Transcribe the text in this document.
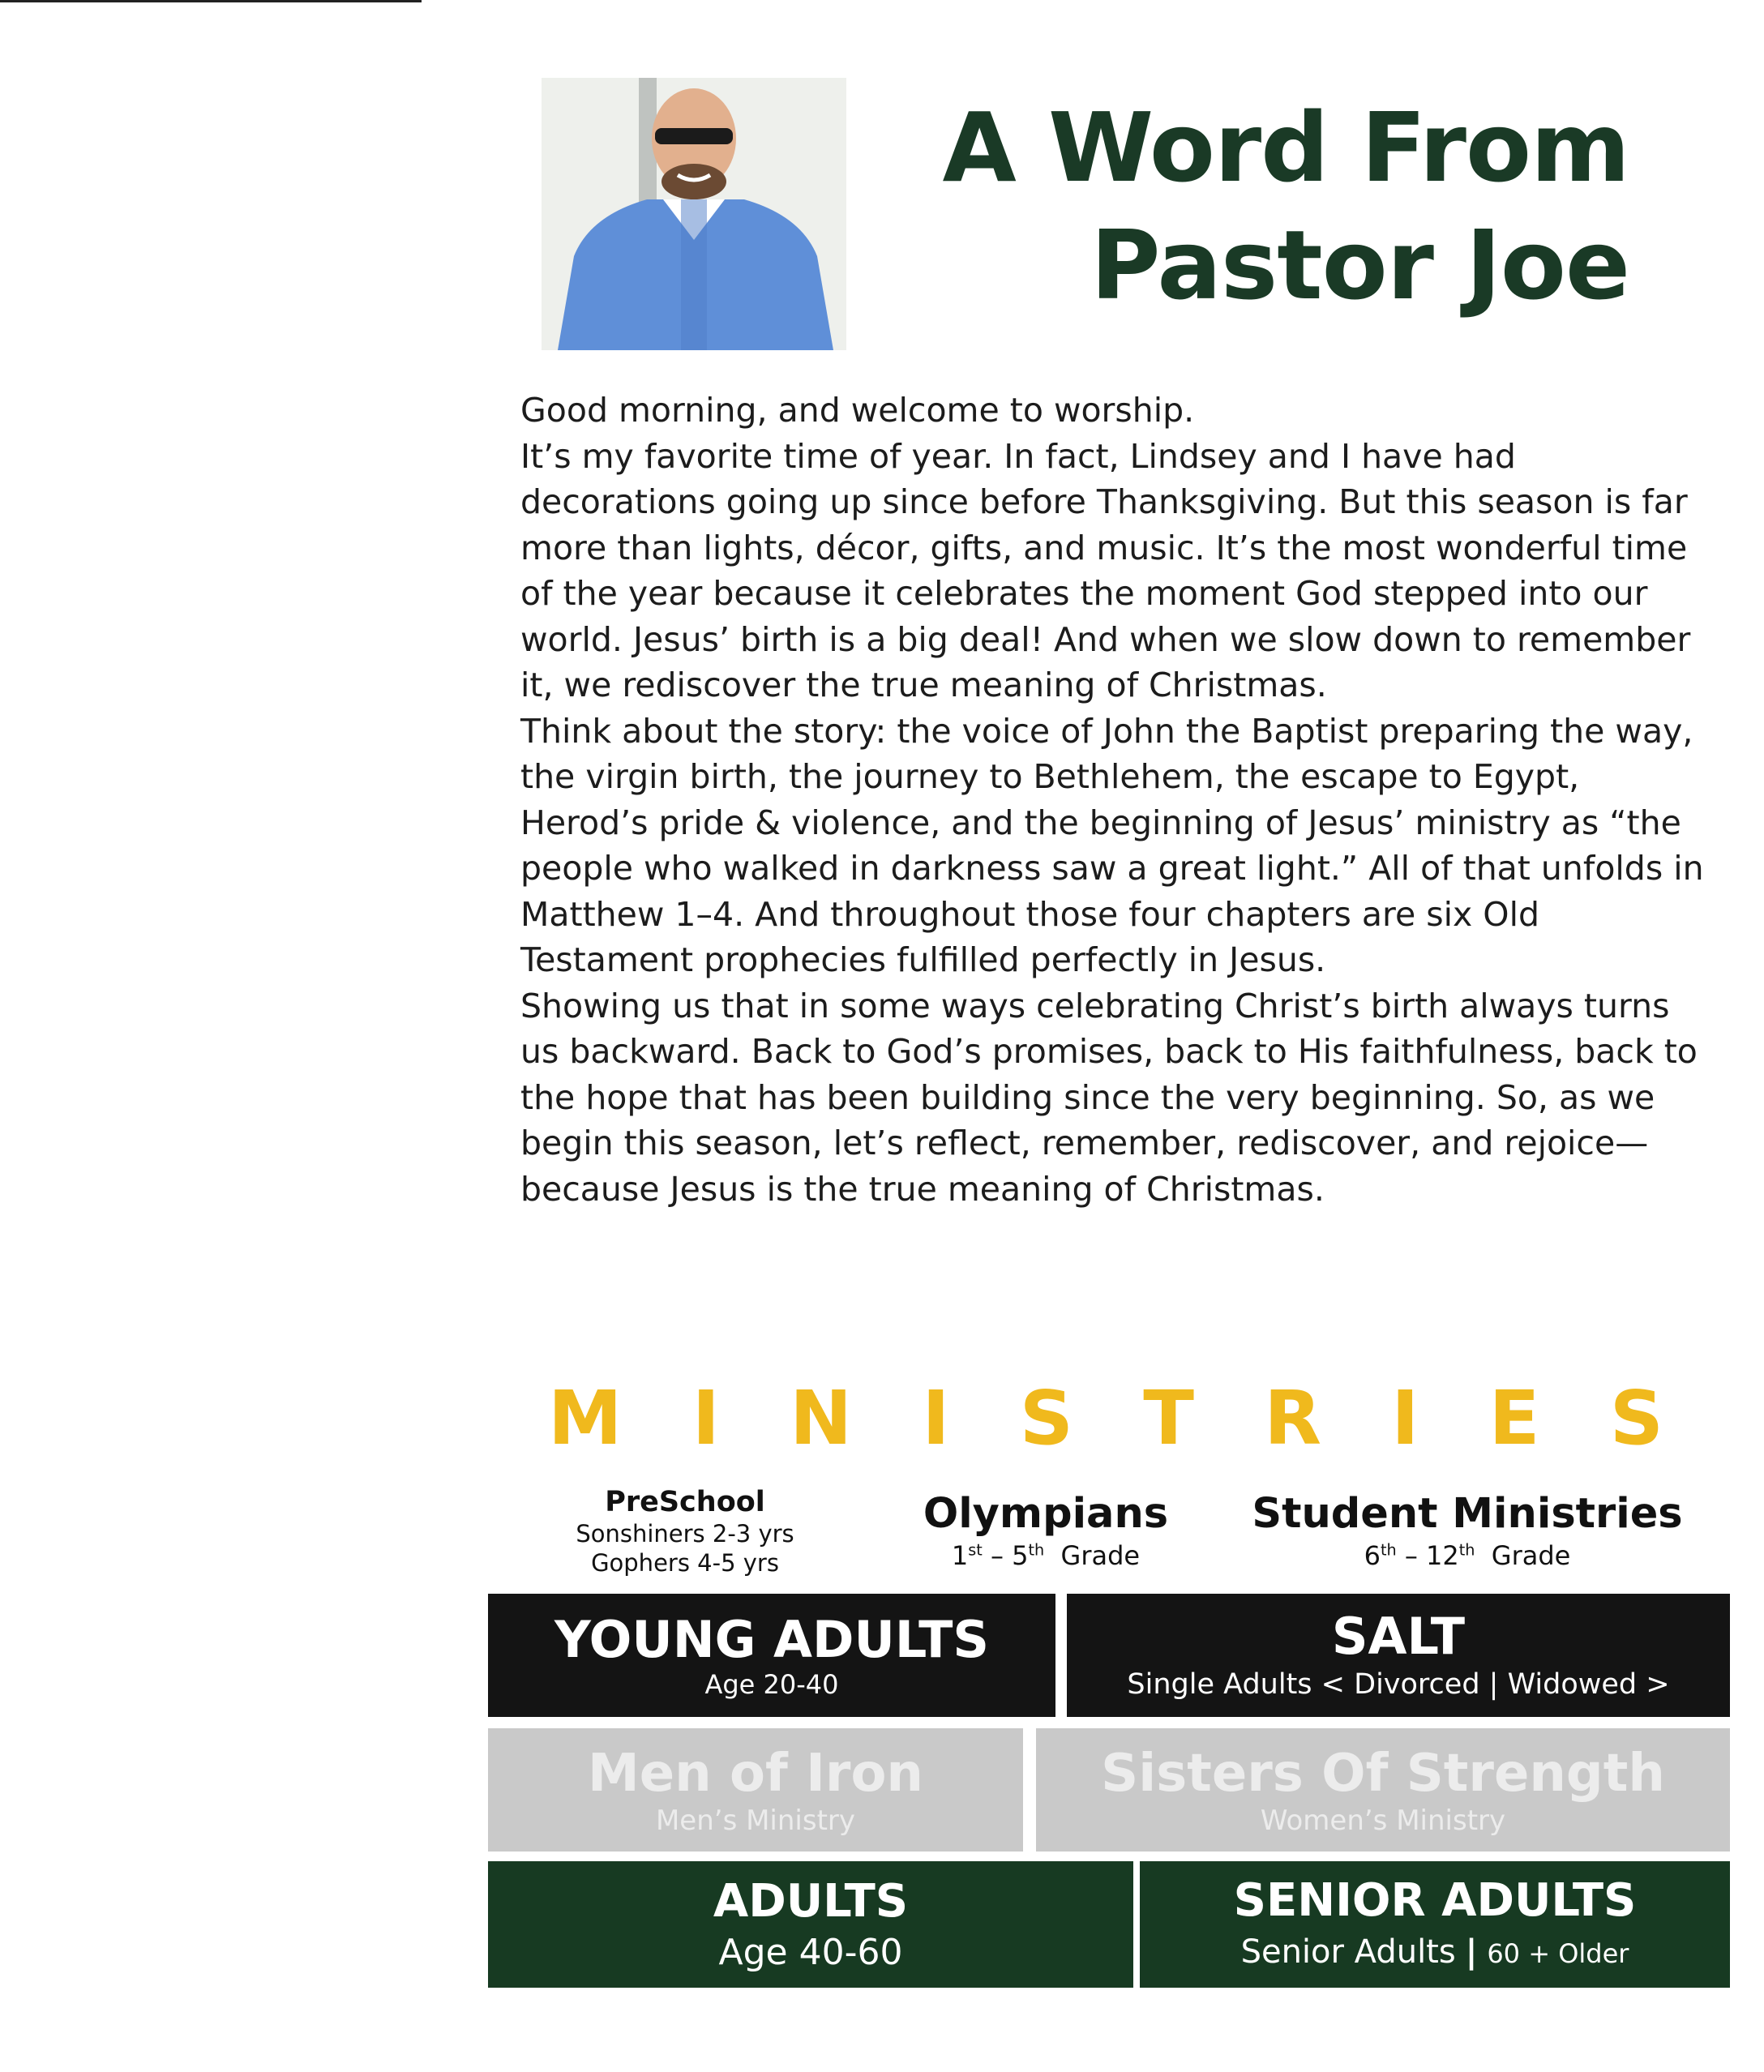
A Word From
Pastor Joe

Good morning, and welcome to worship.

It’s my favorite time of year. In fact, Lindsey and I have had decorations going up since before Thanksgiving. But this season is far more than lights, décor, gifts, and music. It’s the most wonderful time of the year because it celebrates the moment God stepped into our world. Jesus’ birth is a big deal! And when we slow down to remember it, we rediscover the true meaning of Christmas.

Think about the story: the voice of John the Baptist preparing the way, the virgin birth, the journey to Bethlehem, the escape to Egypt, Herod’s pride & violence, and the beginning of Jesus’ ministry as “the people who walked in darkness saw a great light.” All of that unfolds in Matthew 1–4. And throughout those four chapters are six Old Testament prophecies fulfilled perfectly in Jesus.

Showing us that in some ways celebrating Christ’s birth always turns us backward. Back to God’s promises, back to His faithfulness, back to the hope that has been building since the very beginning. So, as we begin this season, let’s reflect, remember, rediscover, and rejoice—because Jesus is the true meaning of Christmas.

M I N I S T R I E S
PreSchool
Sonshiners 2-3 yrs
Gophers 4-5 yrs
Olympians
1st – 5th Grade
Student Ministries
6th – 12th Grade
YOUNG ADULTS
Age 20-40
SALT
Single Adults < Divorced | Widowed >
Men of Iron
Men’s Ministry
Sisters Of Strength
Women’s Ministry
ADULTS
Age 40-60
SENIOR ADULTS
Senior Adults | 60 + Older
